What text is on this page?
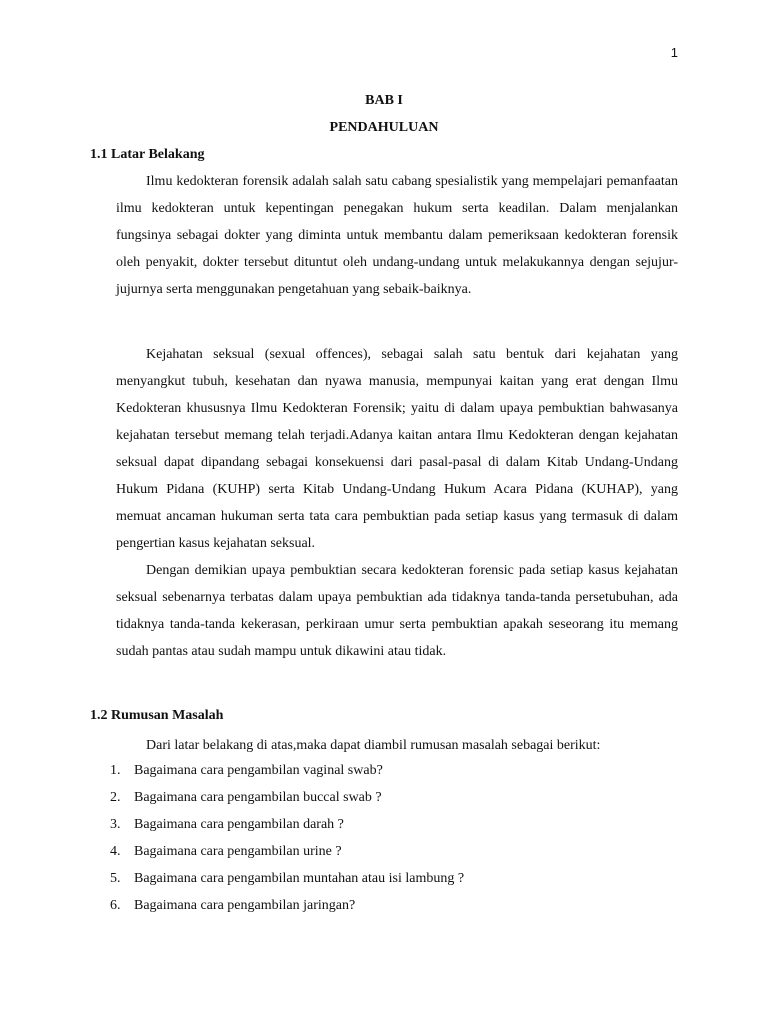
1
BAB I
PENDAHULUAN
1.1 Latar Belakang

Ilmu kedokteran forensik adalah salah satu cabang spesialistik yang mempelajari pemanfaatan ilmu kedokteran untuk kepentingan penegakan hukum serta keadilan. Dalam menjalankan fungsinya sebagai dokter yang diminta untuk membantu dalam pemeriksaan kedokteran forensik oleh penyakit, dokter tersebut dituntut oleh undang-undang untuk melakukannya dengan sejujur-jujurnya serta menggunakan pengetahuan yang sebaik-baiknya.

Kejahatan seksual (sexual offences), sebagai salah satu bentuk dari kejahatan yang menyangkut tubuh, kesehatan dan nyawa manusia, mempunyai kaitan yang erat dengan Ilmu Kedokteran khususnya Ilmu Kedokteran Forensik; yaitu di dalam upaya pembuktian bahwasanya kejahatan tersebut memang telah terjadi.Adanya kaitan antara Ilmu Kedokteran dengan kejahatan seksual dapat dipandang sebagai konsekuensi dari pasal-pasal di dalam Kitab Undang-Undang Hukum Pidana (KUHP) serta Kitab Undang-Undang Hukum Acara Pidana (KUHAP), yang memuat ancaman hukuman serta tata cara pembuktian pada setiap kasus yang termasuk di dalam pengertian kasus kejahatan seksual.

Dengan demikian upaya pembuktian secara kedokteran forensic pada setiap kasus kejahatan seksual sebenarnya terbatas dalam upaya pembuktian ada tidaknya tanda-tanda persetubuhan, ada tidaknya tanda-tanda kekerasan, perkiraan umur serta pembuktian apakah seseorang itu memang sudah pantas atau sudah mampu untuk dikawini atau tidak.

1.2 Rumusan Masalah

Dari latar belakang di atas,maka dapat diambil rumusan masalah sebagai berikut:

1. Bagaimana cara pengambilan vaginal swab?
2. Bagaimana cara pengambilan buccal swab ?
3. Bagaimana cara pengambilan darah ?
4. Bagaimana cara pengambilan urine ?
5. Bagaimana cara pengambilan muntahan atau isi lambung ?
6. Bagaimana cara pengambilan jaringan?
